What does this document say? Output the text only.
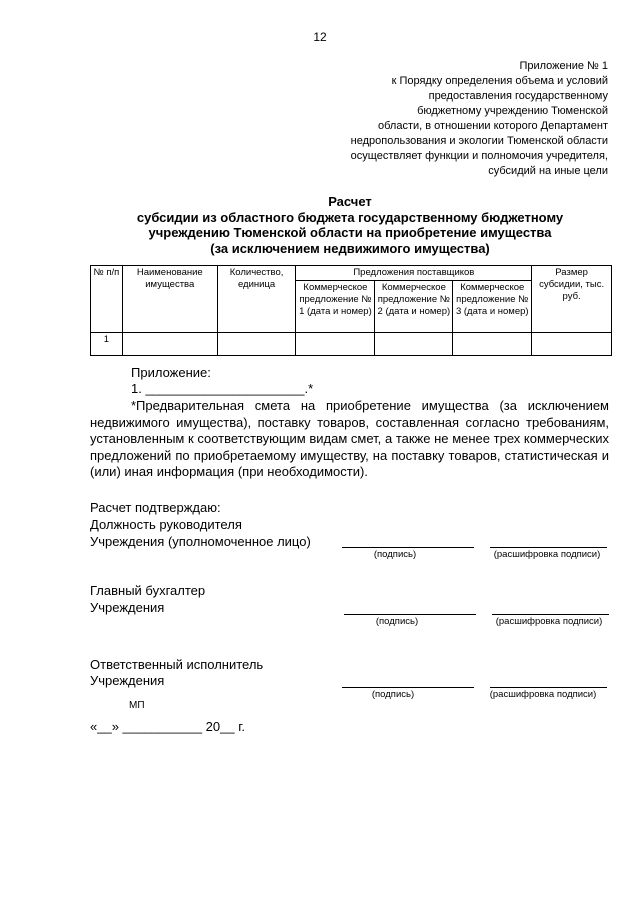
12
Приложение № 1
к Порядку определения объема и условий
предоставления государственному
бюджетному учреждению Тюменской
области, в отношении которого Департамент
недропользования и экологии Тюменской области
осуществляет функции и полномочия учредителя,
субсидий на иные цели
Расчет
субсидии из областного бюджета государственному бюджетному
учреждению Тюменской области на приобретение имущества
(за исключением недвижимого имущества)
№ п/п	Наименование имущества	Количество, единица	Предложения поставщиков			Размер субсидии, тыс. руб.
			Коммерческое предложение № 1 (дата и номер)	Коммерческое предложение № 2 (дата и номер)	Коммерческое предложение № 3 (дата и номер)	
1						
Приложение:
1. ______________________.*
*Предварительная смета на приобретение имущества (за исключением
недвижимого имущества), поставку товаров, составленная согласно требованиям, установленным к соответствующим видам смет, а также не менее трех коммерческих предложений по приобретаемому имуществу, на поставку товаров, статистическая и (или) иная информация (при необходимости).
Расчет подтверждаю:
Должность руководителя
Учреждения (уполномоченное лицо)
(подпись)	(расшифровка подписи)
Главный бухгалтер
Учреждения
(подпись)	(расшифровка подписи)
Ответственный исполнитель
Учреждения
(подпись)	(расшифровка подписи)
МП
«__» ___________ 20__ г.
